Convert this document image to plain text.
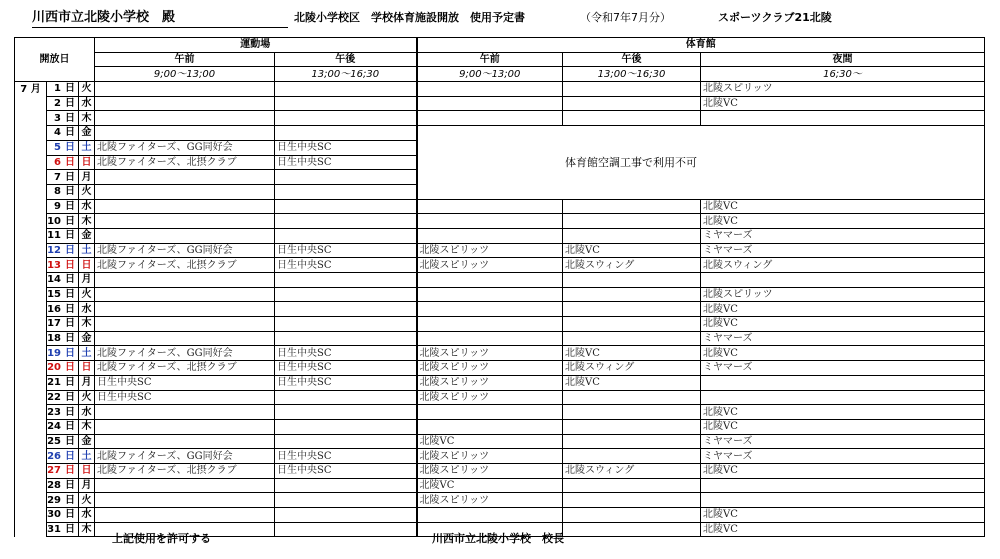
川西市立北陵小学校　殿	北陵小学校区　学校体育施設開放　使用予定書	（令和7年7月分）	スポーツクラブ21北陵
開放日			運動場		体育館		
			午前	午後	午前	午後	夜間
			9;00～13;00	13;00～16;30	9;00～13;00	13;00～16;30	16;30～
7 月	1 日	火					北陵スピリッツ
	2 日	水					北陵VC
	3 日	木					
	4 日	金			体育館空調工事で利用不可		
	5 日	土	北陵ファイターズ、GG同好会	日生中央SC			
	6 日	日	北陵ファイターズ、北摂クラブ	日生中央SC			
	7 日	月					
	8 日	火					
	9 日	水					北陵VC
	10 日	木					北陵VC
	11 日	金					ミヤマーズ
	12 日	土	北陵ファイターズ、GG同好会	日生中央SC	北陵スピリッツ	北陵VC	ミヤマーズ
	13 日	日	北陵ファイターズ、北摂クラブ	日生中央SC	北陵スピリッツ	北陵スウィング	北陵スウィング
	14 日	月					
	15 日	火					北陵スピリッツ
	16 日	水					北陵VC
	17 日	木					北陵VC
	18 日	金					ミヤマーズ
	19 日	土	北陵ファイターズ、GG同好会	日生中央SC	北陵スピリッツ	北陵VC	北陵VC
	20 日	日	北陵ファイターズ、北摂クラブ	日生中央SC	北陵スピリッツ	北陵スウィング	ミヤマーズ
	21 日	月	日生中央SC	日生中央SC	北陵スピリッツ	北陵VC	
	22 日	火	日生中央SC		北陵スピリッツ		
	23 日	水					北陵VC
	24 日	木					北陵VC
	25 日	金			北陵VC		ミヤマーズ
	26 日	土	北陵ファイターズ、GG同好会	日生中央SC	北陵スピリッツ		ミヤマーズ
	27 日	日	北陵ファイターズ、北摂クラブ	日生中央SC	北陵スピリッツ	北陵スウィング	北陵VC
	28 日	月			北陵VC		
	29 日	火			北陵スピリッツ		
	30 日	水					北陵VC
	31 日	木					北陵VC
上記使用を許可する	川西市立北陵小学校　校長
